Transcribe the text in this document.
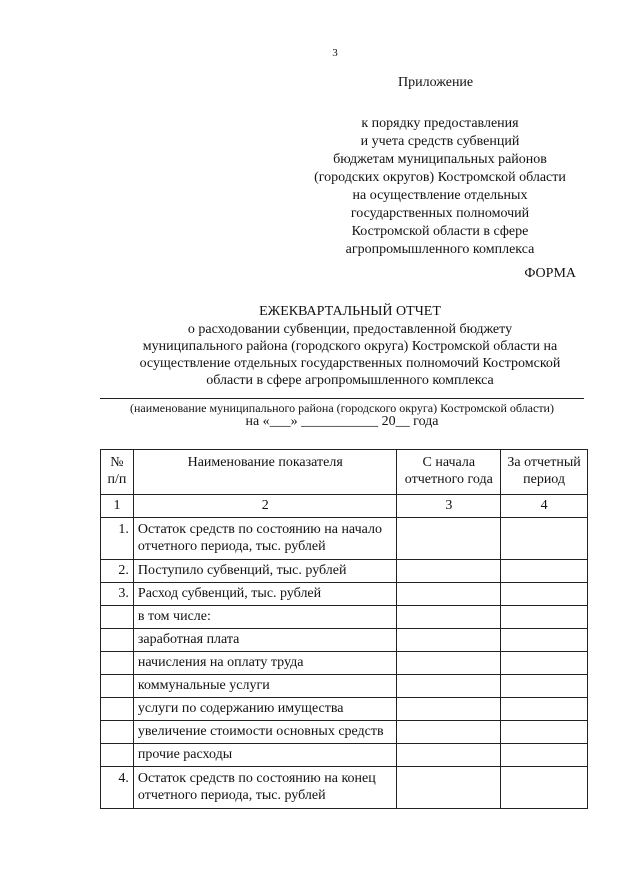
3
Приложение
к порядку предоставления
и учета средств субвенций
бюджетам муниципальных районов
(городских округов) Костромской области
на осуществление отдельных
государственных полномочий
Костромской области в сфере
агропромышленного комплекса
ФОРМА
ЕЖЕКВАРТАЛЬНЫЙ ОТЧЕТ
о расходовании субвенции, предоставленной бюджету
муниципального района (городского округа) Костромской области на
осуществление отдельных государственных полномочий Костромской
области в сфере агропромышленного комплекса
(наименование муниципального района (городского округа) Костромской области)
на «___» ___________ 20__ года
№ п/п	Наименование показателя	С начала отчетного года	За отчетный период
1	2	3	4
1.	Остаток средств по состоянию на начало отчетного периода, тыс. рублей		
2.	Поступило субвенций, тыс. рублей		
3.	Расход субвенций, тыс. рублей		
	в том числе:		
	заработная плата		
	начисления на оплату труда		
	коммунальные услуги		
	услуги по содержанию имущества		
	увеличение стоимости основных средств		
	прочие расходы		
4.	Остаток средств по состоянию на конец отчетного периода, тыс. рублей		
